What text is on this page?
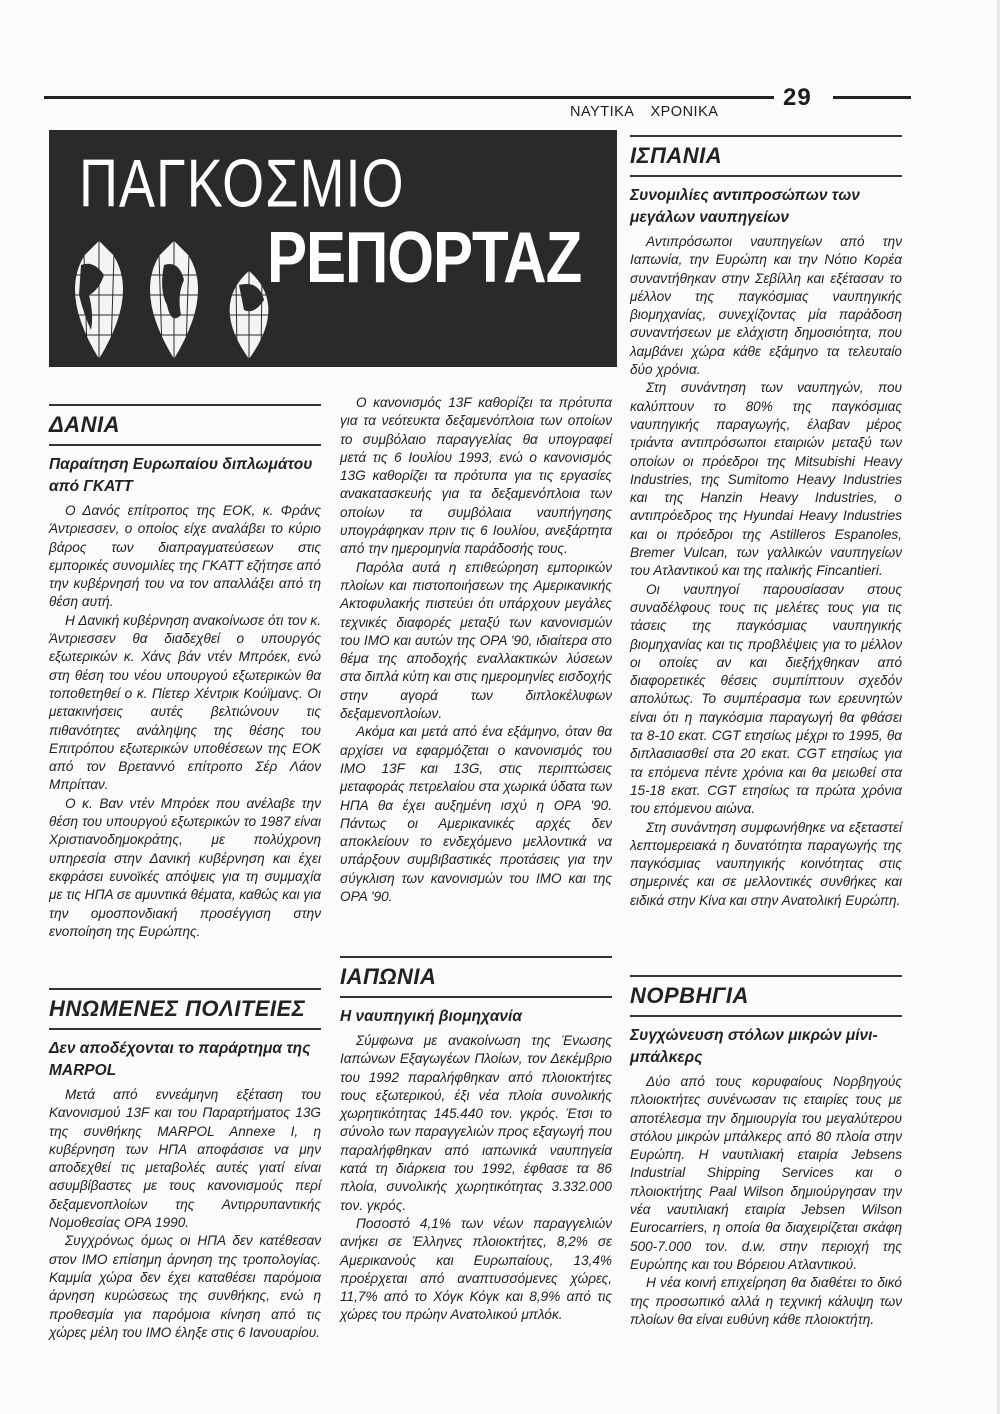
ΝΑΥΤΙΚΑ ΧΡΟΝΙΚΑ
29
ΠΑΓΚΟΣΜΙΟ
ΡΕΠΟΡΤΑΖ
ΔΑΝΙΑ
Παραίτηση Ευρωπαίου διπλωμάτου από ΓΚΑΤΤ

Ο Δανός επίτροπος της ΕΟΚ, κ. Φράνς Άντριεσσεν, ο οποίος είχε αναλάβει το κύριο βάρος των διαπραγματεύσεων στις εμπορικές συνομιλίες της ΓΚΑΤΤ εζήτησε από την κυβέρνησή του να τον απαλλάξει από τη θέση αυτή.

Η Δανική κυβέρνηση ανακοίνωσε ότι τον κ. Άντριεσσεν θα διαδεχθεί ο υπουργός εξωτερικών κ. Χάνς βάν ντέν Μπρόεκ, ενώ στη θέση του νέου υπουργού εξωτερικών θα τοποθετηθεί ο κ. Πίετερ Χέντρικ Κούϊμανς. Οι μετακινήσεις αυτές βελτιώνουν τις πιθανότητες ανάληψης της θέσης του Επιτρόπου εξωτερικών υποθέσεων της ΕΟΚ από τον Βρεταννό επίτροπο Σέρ Λάον Μπρίτταν.

Ο κ. Βαν ντέν Μπρόεκ που ανέλαβε την θέση του υπουργού εξωτερικών το 1987 είναι Χριστιανοδημοκράτης, με πολύχρονη υπηρεσία στην Δανική κυβέρνηση και έχει εκφράσει ευνοϊκές απόψεις για τη συμμαχία με τις ΗΠΑ σε αμυντικά θέματα, καθώς και για την ομοσπονδιακή προσέγγιση στην ενοποίηση της Ευρώπης.

ΗΝΩΜΕΝΕΣ ΠΟΛΙΤΕΙΕΣ
Δεν αποδέχονται το παράρτημα της MARPOL

Μετά από εννεάμηνη εξέταση του Κανονισμού 13F και του Παραρτήματος 13G της συνθήκης MARPOL Annexe I, η κυβέρνηση των ΗΠΑ αποφάσισε να μην αποδεχθεί τις μεταβολές αυτές γιατί είναι ασυμβίβαστες με τους κανονισμούς περί δεξαμενοπλοίων της Αντιρρυπαντικής Νομοθεσίας ΟΡΑ 1990.

Συγχρόνως όμως οι ΗΠΑ δεν κατέθεσαν στον ΙΜΟ επίσημη άρνηση της τροπολογίας. Καμμία χώρα δεν έχει καταθέσει παρόμοια άρνηση κυρώσεως της συνθήκης, ενώ η προθεσμία για παρόμοια κίνηση από τις χώρες μέλη του ΙΜΟ έληξε στις 6 Ιανουαρίου.

Ο κανονισμός 13F καθορίζει τα πρότυπα για τα νεότευκτα δεξαμενόπλοια των οποίων το συμβόλαιο παραγγελίας θα υπογραφεί μετά τις 6 Ιουλίου 1993, ενώ ο κανονισμός 13G καθορίζει τα πρότυπα για τις εργασίες ανακατασκευής για τα δεξαμενόπλοια των οποίων τα συμβόλαια ναυπήγησης υπογράφηκαν πριν τις 6 Ιουλίου, ανεξάρτητα από την ημερομηνία παράδοσής τους.

Παρόλα αυτά η επιθεώρηση εμπορικών πλοίων και πιστοποιήσεων της Αμερικανικής Ακτοφυλακής πιστεύει ότι υπάρχουν μεγάλες τεχνικές διαφορές μεταξύ των κανονισμών του ΙΜΟ και αυτών της ΟΡΑ '90, ιδιαίτερα στο θέμα της αποδοχής εναλλακτικών λύσεων στα διπλά κύτη και στις ημερομηνίες εισδοχής στην αγορά των διπλοκέλυφων δεξαμενοπλοίων.

Ακόμα και μετά από ένα εξάμηνο, όταν θα αρχίσει να εφαρμόζεται ο κανονισμός του ΙΜΟ 13F και 13G, στις περιπτώσεις μεταφοράς πετρελαίου στα χωρικά ύδατα των ΗΠΑ θα έχει αυξημένη ισχύ η ΟΡΑ '90. Πάντως οι Αμερικανικές αρχές δεν αποκλείουν το ενδεχόμενο μελλοντικά να υπάρξουν συμβιβαστικές προτάσεις για την σύγκλιση των κανονισμών του ΙΜΟ και της ΟΡΑ '90.

ΙΑΠΩΝΙΑ
Η ναυπηγική βιομηχανία

Σύμφωνα με ανακοίνωση της Ένωσης Ιαπώνων Εξαγωγέων Πλοίων, τον Δεκέμβριο του 1992 παραλήφθηκαν από πλοιοκτήτες τους εξωτερικού, έξι νέα πλοία συνολικής χωρητικότητας 145.440 τον. γκρός. Έτσι το σύνολο των παραγγελιών προς εξαγωγή που παραλήφθηκαν από ιαπωνικά ναυπηγεία κατά τη διάρκεια του 1992, έφθασε τα 86 πλοία, συνολικής χωρητικότητας 3.332.000 τον. γκρός.

Ποσοστό 4,1% των νέων παραγγελιών ανήκει σε Έλληνες πλοιοκτήτες, 8,2% σε Αμερικανούς και Ευρωπαίους, 13,4% προέρχεται από αναπτυσσόμενες χώρες, 11,7% από το Χόγκ Κόγκ και 8,9% από τις χώρες του πρώην Ανατολικού μπλόκ.

ΙΣΠΑΝΙΑ
Συνομιλίες αντιπροσώπων των μεγάλων ναυπηγείων

Αντιπρόσωποι ναυπηγείων από την Ιαπωνία, την Ευρώπη και την Νότιο Κορέα συναντήθηκαν στην Σεβίλλη και εξέτασαν το μέλλον της παγκόσμιας ναυπηγικής βιομηχανίας, συνεχίζοντας μία παράδοση συναντήσεων με ελάχιστη δημοσιότητα, που λαμβάνει χώρα κάθε εξάμηνο τα τελευταίο δύο χρόνια.

Στη συνάντηση των ναυπηγών, που καλύπτουν το 80% της παγκόσμιας ναυπηγικής παραγωγής, έλαβαν μέρος τριάντα αντιπρόσωποι εταιριών μεταξύ των οποίων οι πρόεδροι της Mitsubishi Heavy Industries, της Sumitomo Heavy Industries και της Hanzin Heavy Industries, ο αντιπρόεδρος της Hyundai Heavy Industries και οι πρόεδροι της Astilleros Espanoles, Bremer Vulcan, των γαλλικών ναυπηγείων του Ατλαντικού και της ιταλικής Fincantieri.

Οι ναυπηγοί παρουσίασαν στους συναδέλφους τους τις μελέτες τους για τις τάσεις της παγκόσμιας ναυπηγικής βιομηχανίας και τις προβλέψεις για το μέλλον οι οποίες αν και διεξήχθηκαν από διαφορετικές θέσεις συμπίπτουν σχεδόν απολύτως. Το συμπέρασμα των ερευνητών είναι ότι η παγκόσμια παραγωγή θα φθάσει τα 8-10 εκατ. CGT ετησίως μέχρι το 1995, θα διπλασιασθεί στα 20 εκατ. CGT ετησίως για τα επόμενα πέντε χρόνια και θα μειωθεί στα 15-18 εκατ. CGT ετησίως τα πρώτα χρόνια του επόμενου αιώνα.

Στη συνάντηση συμφωνήθηκε να εξεταστεί λεπτομερειακά η δυνατότητα παραγωγής της παγκόσμιας ναυπηγικής κοινότητας στις σημερινές και σε μελλοντικές συνθήκες και ειδικά στην Κίνα και στην Ανατολική Ευρώπη.

ΝΟΡΒΗΓΙΑ
Συγχώνευση στόλων μικρών μίνι-μπάλκερς

Δύο από τους κορυφαίους Νορβηγούς πλοιοκτήτες συνένωσαν τις εταιρίες τους με αποτέλεσμα την δημιουργία του μεγαλύτερου στόλου μικρών μπάλκερς από 80 πλοία στην Ευρώπη. Η ναυτιλιακή εταιρία Jebsens Industrial Shipping Services και ο πλοιοκτήτης Paal Wilson δημιούργησαν την νέα ναυτιλιακή εταιρία Jebsen Wilson Eurocarriers, η οποία θα διαχειρίζεται σκάφη 500-7.000 τον. d.w. στην περιοχή της Ευρώπης και του Βόρειου Ατλαντικού.

Η νέα κοινή επιχείρηση θα διαθέτει το δικό της προσωπικό αλλά η τεχνική κάλυψη των πλοίων θα είναι ευθύνη κάθε πλοιοκτήτη.
